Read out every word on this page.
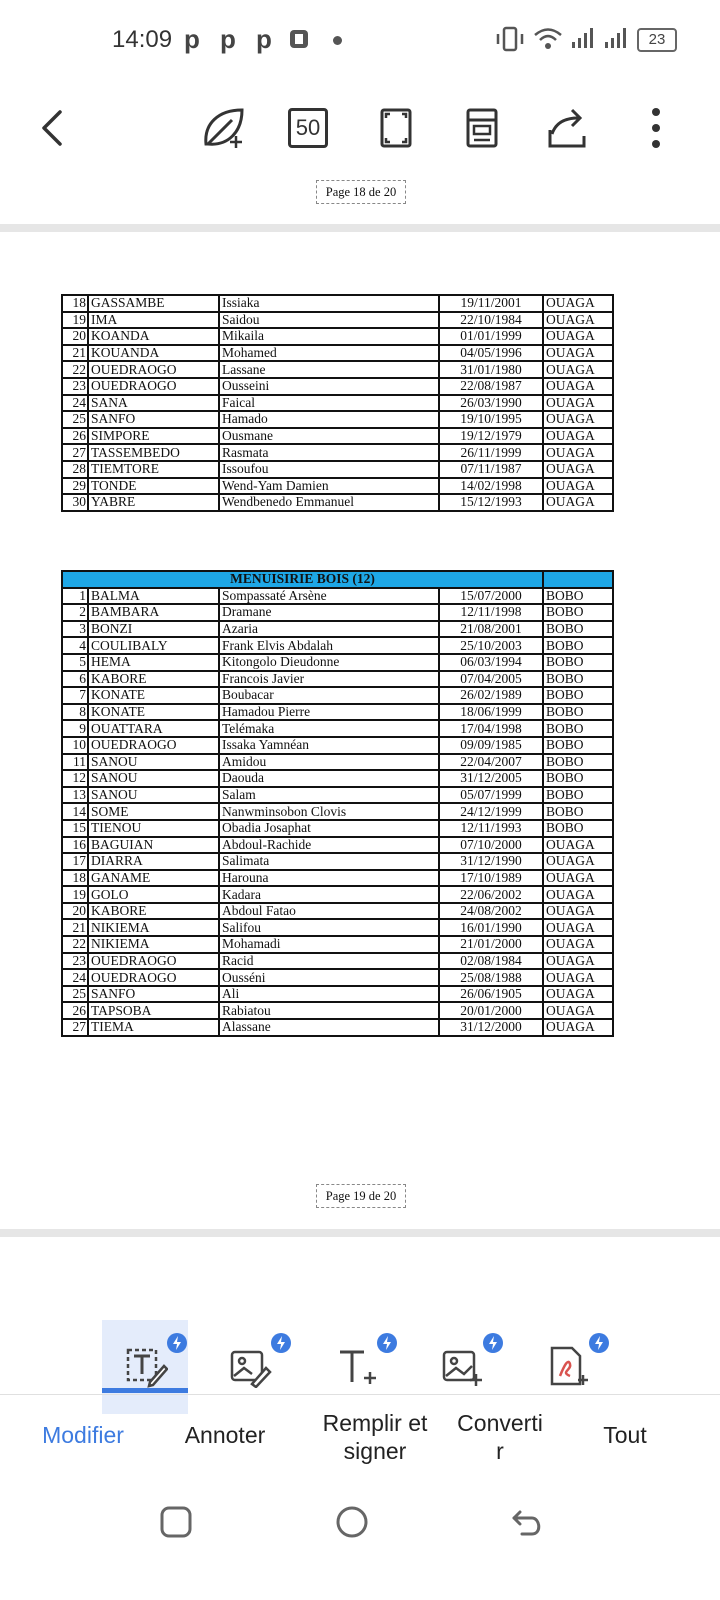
14:09 p p p	23
50
Page 18 de 20
18	GASSAMBE	Issiaka	19/11/2001	OUAGA
19	IMA	Saidou	22/10/1984	OUAGA
20	KOANDA	Mikaila	01/01/1999	OUAGA
21	KOUANDA	Mohamed	04/05/1996	OUAGA
22	OUEDRAOGO	Lassane	31/01/1980	OUAGA
23	OUEDRAOGO	Ousseini	22/08/1987	OUAGA
24	SANA	Faical	26/03/1990	OUAGA
25	SANFO	Hamado	19/10/1995	OUAGA
26	SIMPORE	Ousmane	19/12/1979	OUAGA
27	TASSEMBEDO	Rasmata	26/11/1999	OUAGA
28	TIEMTORE	Issoufou	07/11/1987	OUAGA
29	TONDE	Wend-Yam Damien	14/02/1998	OUAGA
30	YABRE	Wendbenedo Emmanuel	15/12/1993	OUAGA
MENUISIRIE BOIS (12)				
1	BALMA	Sompassaté Arsène	15/07/2000	BOBO
2	BAMBARA	Dramane	12/11/1998	BOBO
3	BONZI	Azaria	21/08/2001	BOBO
4	COULIBALY	Frank Elvis Abdalah	25/10/2003	BOBO
5	HEMA	Kitongolo Dieudonne	06/03/1994	BOBO
6	KABORE	Francois Javier	07/04/2005	BOBO
7	KONATE	Boubacar	26/02/1989	BOBO
8	KONATE	Hamadou Pierre	18/06/1999	BOBO
9	OUATTARA	Telémaka	17/04/1998	BOBO
10	OUEDRAOGO	Issaka Yamnéan	09/09/1985	BOBO
11	SANOU	Amidou	22/04/2007	BOBO
12	SANOU	Daouda	31/12/2005	BOBO
13	SANOU	Salam	05/07/1999	BOBO
14	SOME	Nanwminsobon Clovis	24/12/1999	BOBO
15	TIENOU	Obadia Josaphat	12/11/1993	BOBO
16	BAGUIAN	Abdoul-Rachide	07/10/2000	OUAGA
17	DIARRA	Salimata	31/12/1990	OUAGA
18	GANAME	Harouna	17/10/1989	OUAGA
19	GOLO	Kadara	22/06/2002	OUAGA
20	KABORE	Abdoul Fatao	24/08/2002	OUAGA
21	NIKIEMA	Salifou	16/01/1990	OUAGA
22	NIKIEMA	Mohamadi	21/01/2000	OUAGA
23	OUEDRAOGO	Racid	02/08/1984	OUAGA
24	OUEDRAOGO	Ousséni	25/08/1988	OUAGA
25	SANFO	Ali	26/06/1905	OUAGA
26	TAPSOBA	Rabiatou	20/01/2000	OUAGA
27	TIEMA	Alassane	31/12/2000	OUAGA
Page 19 de 20
Modifier	Annoter	Remplir et
signer
Converti
r
Tout
